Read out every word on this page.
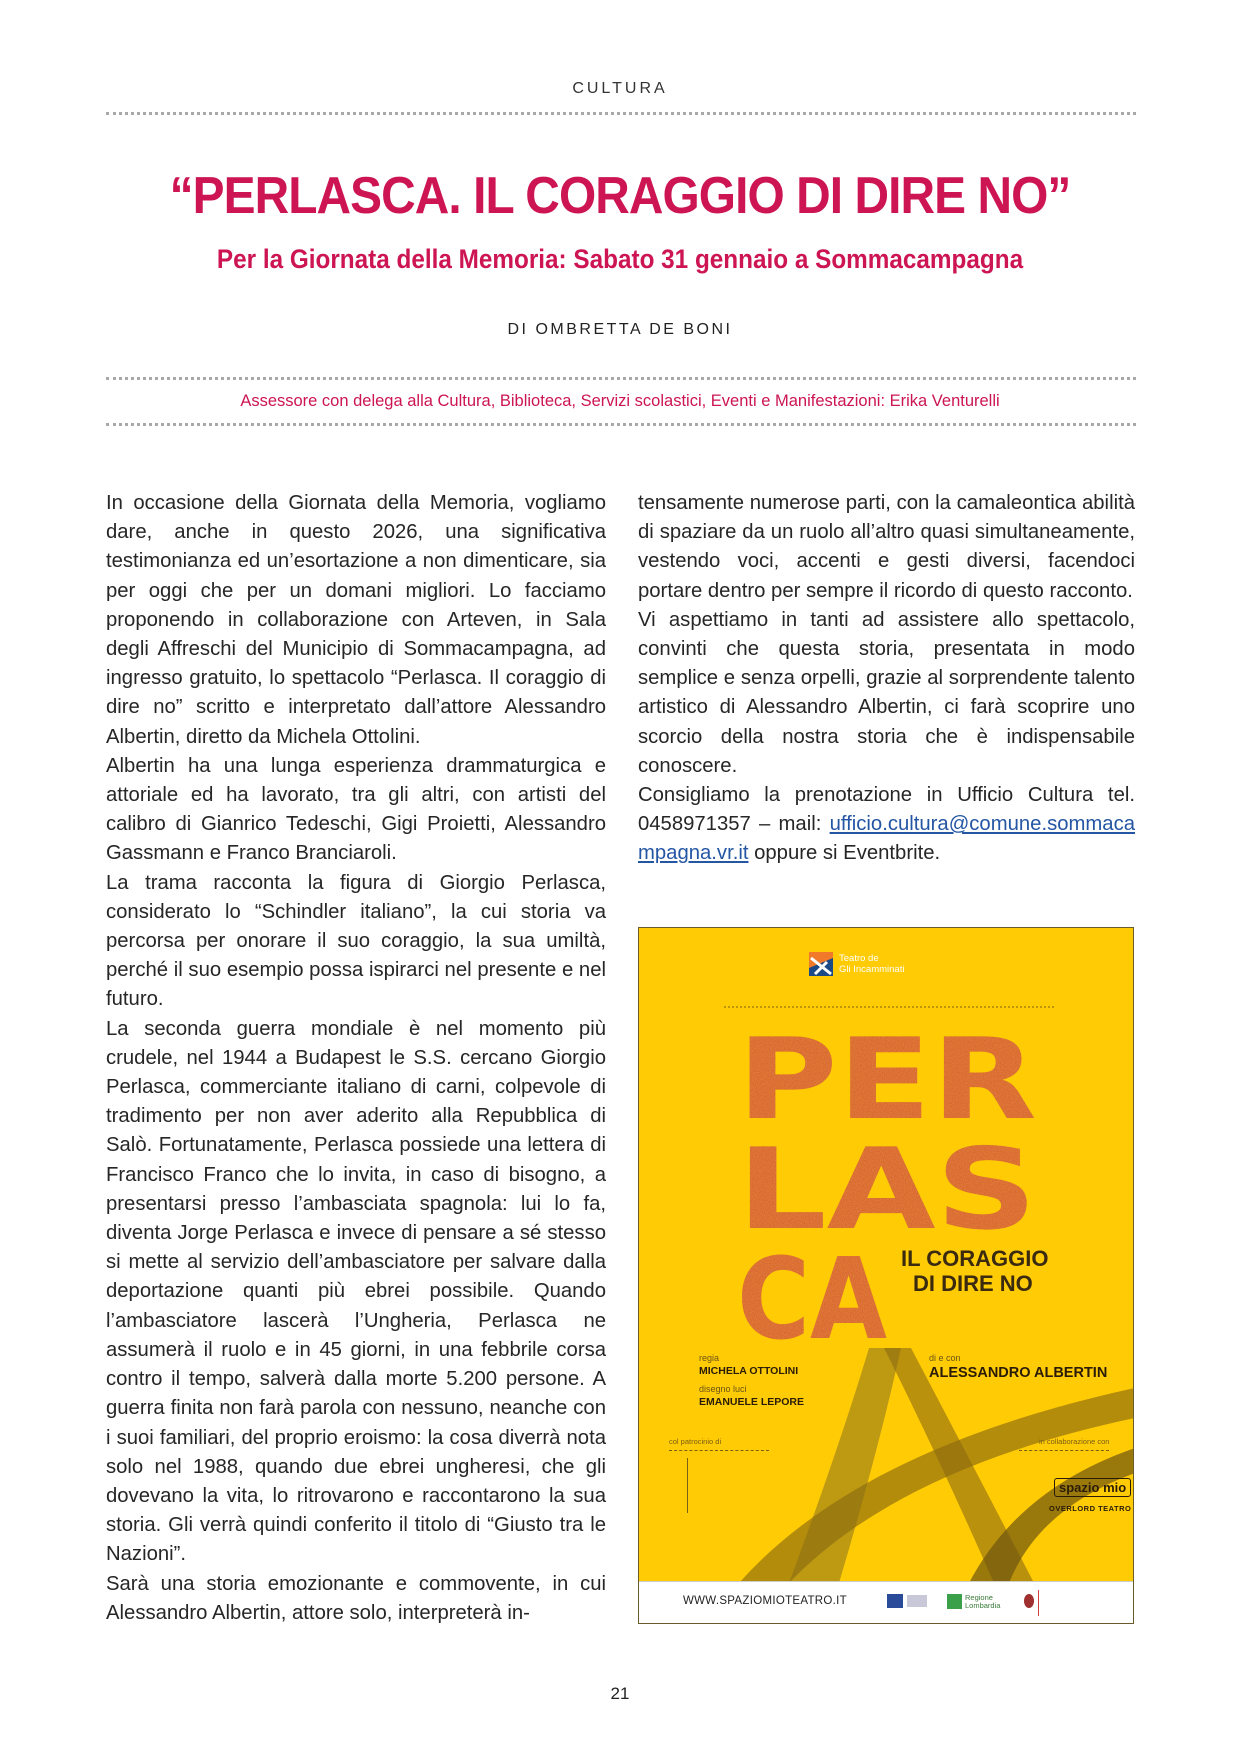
CULTURA
“PERLASCA. IL CORAGGIO DI DIRE NO”
Per la Giornata della Memoria: Sabato 31 gennaio a Sommacampagna
DI OMBRETTA DE BONI
Assessore con delega alla Cultura, Biblioteca, Servizi scolastici, Eventi e Manifestazioni: Erika Venturelli

In occasione della Giornata della Memoria, vogliamo dare, anche in questo 2026, una significativa testimonianza ed un’esortazione a non dimenticare, sia per oggi che per un domani migliori. Lo facciamo proponendo in collaborazione con Arteven, in Sala degli Affreschi del Municipio di Sommacampagna, ad ingresso gratuito, lo spettacolo “Perlasca. Il coraggio di dire no” scritto e interpretato dall’attore Alessandro Albertin, diretto da Michela Ottolini.

Albertin ha una lunga esperienza drammaturgica e attoriale ed ha lavorato, tra gli altri, con artisti del calibro di Gianrico Tedeschi, Gigi Proietti, Alessandro Gassmann e Franco Branciaroli.

La trama racconta la figura di Giorgio Perlasca, considerato lo “Schindler italiano”, la cui storia va percorsa per onorare il suo coraggio, la sua umiltà, perché il suo esempio possa ispirarci nel presente e nel futuro.

La seconda guerra mondiale è nel momento più crudele, nel 1944 a Budapest le S.S. cercano Giorgio Perlasca, commerciante italiano di carni, colpevole di tradimento per non aver aderito alla Repubblica di Salò. Fortunatamente, Perlasca possiede una lettera di Francisco Franco che lo invita, in caso di bisogno, a presentarsi presso l’ambasciata spagnola: lui lo fa, diventa Jorge Perlasca e invece di pensare a sé stesso si mette al servizio dell’ambasciatore per salvare dalla deportazione quanti più ebrei possibile. Quando l’ambasciatore lascerà l’Ungheria, Perlasca ne assumerà il ruolo e in 45 giorni, in una febbrile corsa contro il tempo, salverà dalla morte 5.200 persone. A guerra finita non farà parola con nessuno, neanche con i suoi familiari, del proprio eroismo: la cosa diverrà nota solo nel 1988, quando due ebrei ungheresi, che gli dovevano la vita, lo ritrovarono e raccontarono la sua storia. Gli verrà quindi conferito il titolo di “Giusto tra le Nazioni”.

Sarà una storia emozionante e commovente, in cui Alessandro Albertin, attore solo, interpreterà in-

tensamente numerose parti, con la camaleontica abilità di spaziare da un ruolo all’altro quasi simultaneamente, vestendo voci, accenti e gesti diversi, facendoci portare dentro per sempre il ricordo di questo racconto.

Vi aspettiamo in tanti ad assistere allo spettacolo, convinti che questa storia, presentata in modo semplice e senza orpelli, grazie al sorprendente talento artistico di Alessandro Albertin, ci farà scoprire uno scorcio della nostra storia che è indispensabile conoscere.

Consigliamo la prenotazione in Ufficio Cultura tel. 0458971357 – mail: ufficio.cultura@comune.sommacampagna.vr.it oppure si Eventbrite.

PER
LAS
CA
Teatro de
Gli Incamminati
IL CORAGGIO
DI DIRE NO
regia
MICHELA OTTOLINI
disegno luci
EMANUELE LEPORE
di e con
ALESSANDRO ALBERTIN
col patrocinio di	in collaborazione con
spazio mio
OVERLORD TEATRO
WWW.SPAZIOMIOTEATRO.IT	Regione Lombardia
21
